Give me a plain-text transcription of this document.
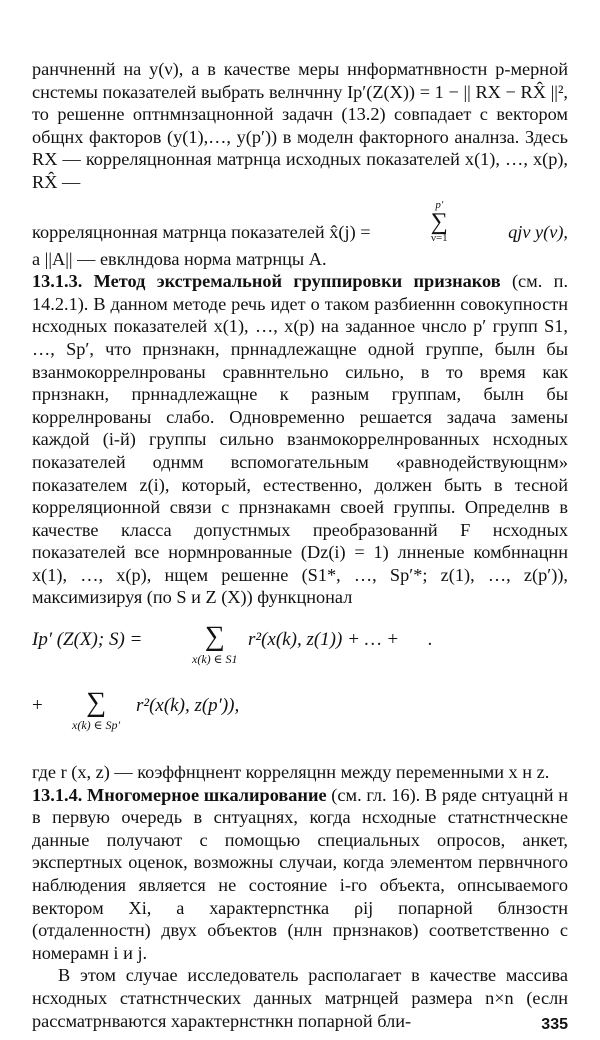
ранчненнй на y(ν), а в качестве меры ннформатнвностн p-мерной снстемы показателей выбрать велнчнну Ip′(Z(X)) = 1 − || RX − RX̂ ||², то решенне оптнмнзацнонной задачн (13.2) совпадает с вектором общнх факторов (y(1),…, y(p′)) в моделн факторного аналнза. Здесь RX — корреляцнонная матрнца исходных показателей x(1), …, x(p), RX̂ —

корреляцнонная матрнца показателей x̂(j) =
p′
∑
ν=1	qjν y(ν),

а ||A|| — евклндова норма матрнцы A.

13.1.3. Метод экстремальной группировки признаков (см. п. 14.2.1). В данном методе речь идет о таком разбиеннн совокупностн нсходных показателей x(1), …, x(p) на заданное чнсло p′ групп S1, …, Sp′, что прнзнакн, прннадлежащне одной группе, былн бы взанмокоррелнрованы сравннтельно сильно, в то время как прнзнакн, прннадлежащне к разным группам, былн бы коррелнрованы слабо. Одновременно решается задача замены каждой (i-й) группы сильно взанмокоррелнрованных нсходных показателей однмм вспомогательным «равнодействующнм» показателем z(i), который, естественно, должен быть в тесной корреляционной связи с прнзнакамн своей группы. Определнв в качестве класса допустнмых преобразованнй F нсходных показателей все нормнрованные (Dz(i) = 1) лнненые комбннацнн x(1), …, x(p), нщем решенне (S1*, …, Sp′*; z(1), …, z(p′)), максимизируя (по S и Z (X)) функцнонал

Ip′ (Z(X); S) = ∑
x(k) ∈ S1
r²(x(k), z(1)) + … + .
+ ∑
x(k) ∈ Sp′
r²(x(k), z(p′)),

где r (x, z) — коэффнцнент корреляцнн между переменными x н z.

13.1.4. Многомерное шкалирование (см. гл. 16). В ряде снтуацнй н в первую очередь в снтуацнях, когда нсходные статнстнческне данные получают с помощью специальных опросов, анкет, экспертных оценок, возможны случаи, когда элементом первнчного наблюдения является не состояние i-го объекта, опнсываемого вектором Xi, а характерnстнка ρij попарной блнзостн (отдаленностн) двух объектов (нлн прнзнаков) соответственно с номерамн i и j.

В этом случае исследователь располагает в качестве массива нсходных статнстнческих данных матрнцей размера n×n (еслн рассматрнваются характернстнкн попарной бли-	335
